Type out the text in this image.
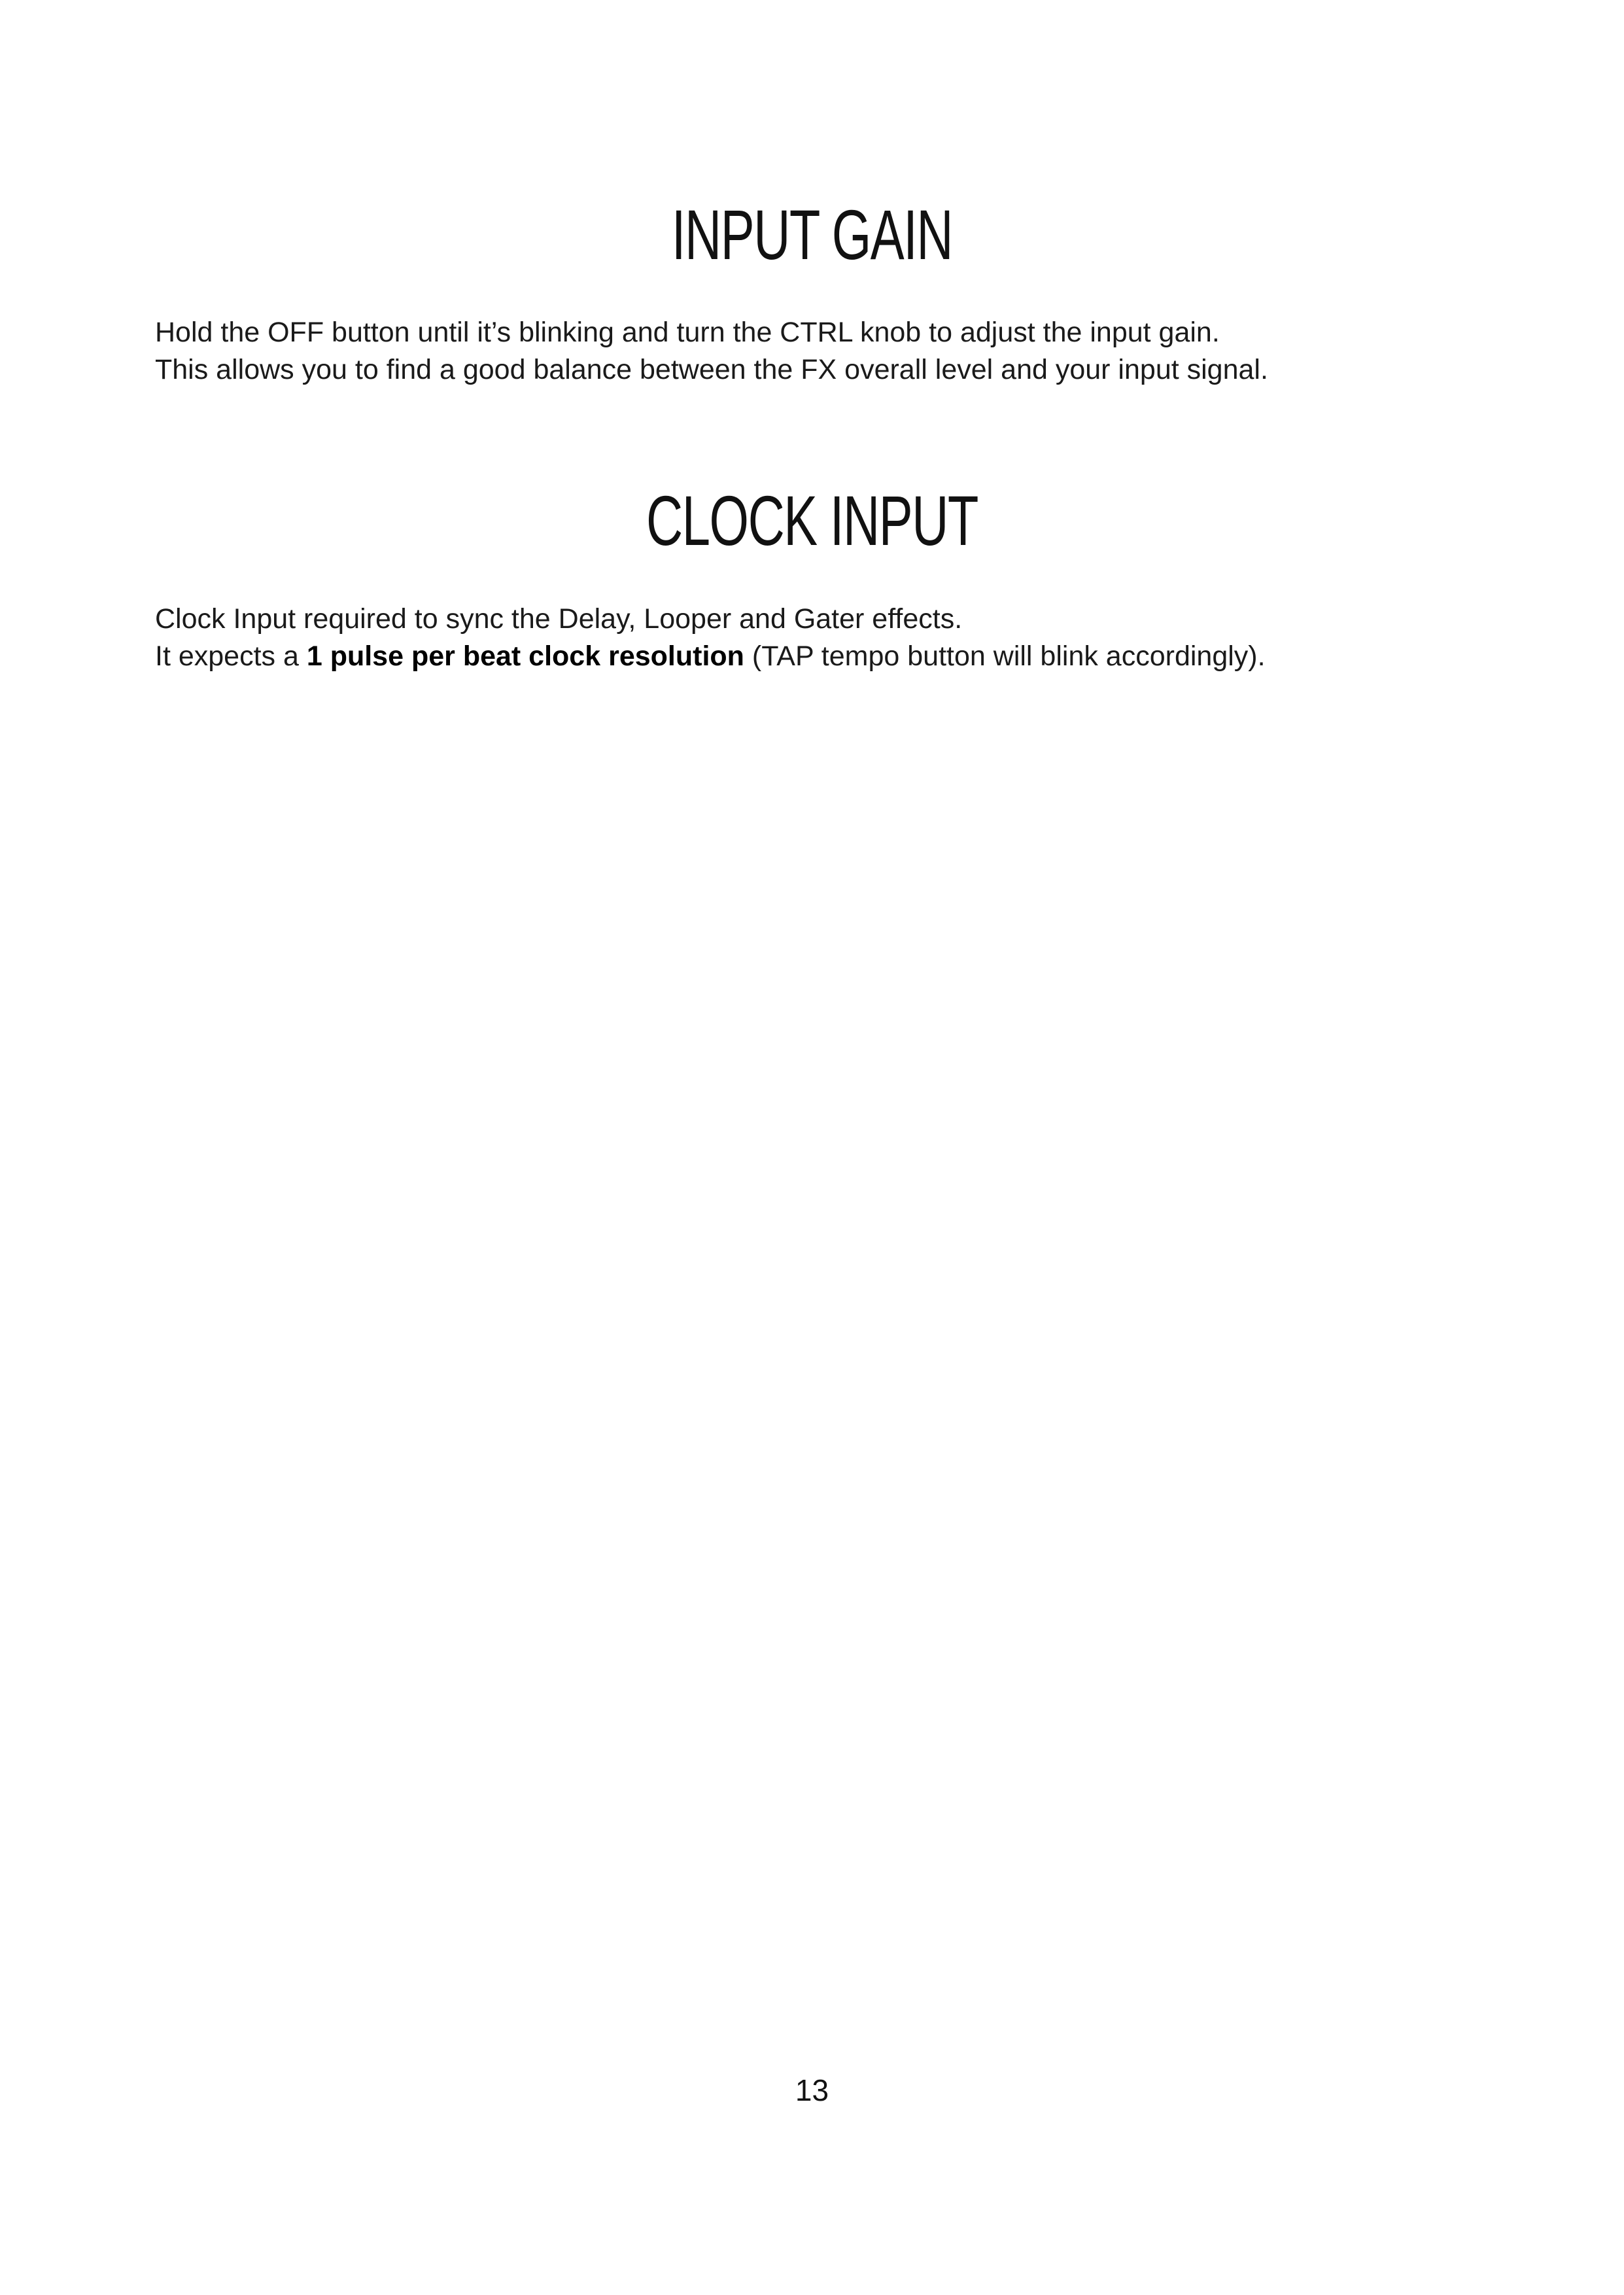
INPUT GAIN

Hold the OFF button until it’s blinking and turn the CTRL knob to adjust the input gain.
This allows you to find a good balance between the FX overall level and your input signal.

CLOCK INPUT

Clock Input required to sync the Delay, Looper and Gater effects.
It expects a 1 pulse per beat clock resolution (TAP tempo button will blink accordingly).

13
